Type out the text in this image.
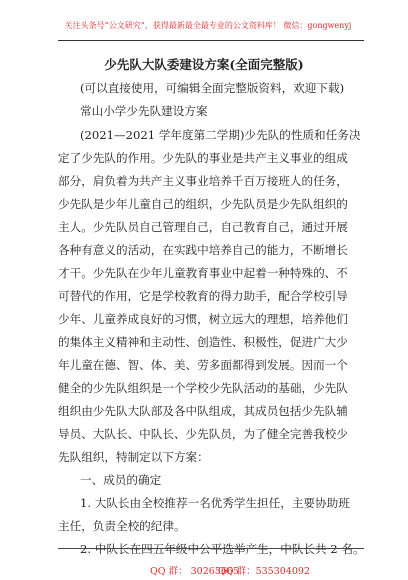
关注头条号“公文研究”，获得最新最全最专业的公文资料库！ 微信：gongwenyj
少先队大队委建设方案(全面完整版)
(可以直接使用，可编辑全面完整版资料，欢迎下载)
常山小学少先队建设方案
(2021—2021 学年度第二学期)少先队的性质和任务决
定了少先队的作用。少先队的事业是共产主义事业的组成
部分，肩负着为共产主义事业培养千百万接班人的任务，
少先队是少年儿童自己的组织，少先队员是少先队组织的
主人。少先队员自己管理自己，自己教育自己，通过开展
各种有意义的活动，在实践中培养自己的能力，不断增长
才干。少先队在少年儿童教育事业中起着一种特殊的、不
可替代的作用，它是学校教育的得力助手，配合学校引导
少年、儿童养成良好的习惯，树立远大的理想，培养他们
的集体主义精神和主动性、创造性、积极性，促进广大少
年儿童在德、智、体、美、劳多面都得到发展。因而一个
健全的少先队组织是一个学校少先队活动的基础，少先队
组织由少先队大队部及各中队组成，其成员包括少先队辅
导员、大队长、中队长、少先队员，为了健全完善我校少
先队组织，特制定以下方案：
一、成员的确定
1. 大队长由全校推荐一名优秀学生担任，主要协助班
主任，负责全校的纪律。
2. 中队长在四五年级中公平选举产生，中队长共 2 名。
QQ 群： 30265665
QQ 群：535304092
